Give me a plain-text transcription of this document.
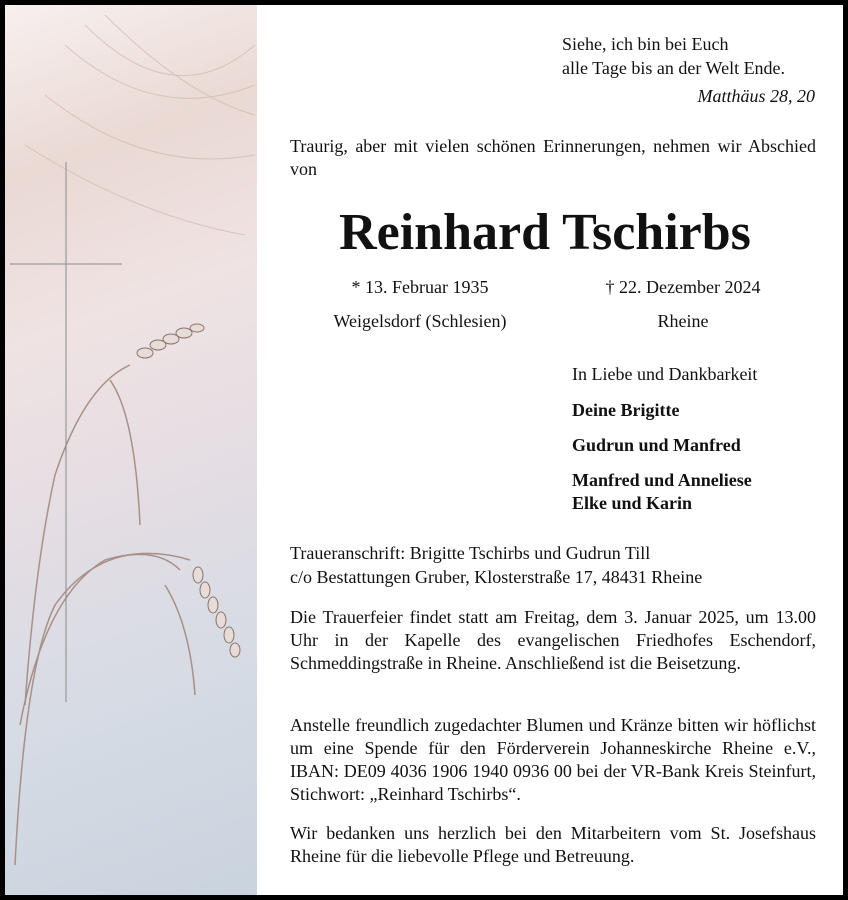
Siehe, ich bin bei Euch
alle Tage bis an der Welt Ende.
Matthäus 28, 20
Traurig, aber mit vielen schönen Erinnerungen, nehmen wir Abschied von
Reinhard Tschirbs
* 13. Februar 1935	† 22. Dezember 2024
Weigelsdorf (Schlesien)	Rheine
In Liebe und Dankbarkeit
Deine Brigitte
Gudrun und Manfred
Manfred und Anneliese
Elke und Karin
Traueranschrift: Brigitte Tschirbs und Gudrun Till
c/o Bestattungen Gruber, Klosterstraße 17, 48431 Rheine
Die Trauerfeier findet statt am Freitag, dem 3. Januar 2025, um 13.00 Uhr in der Kapelle des evangelischen Friedhofes Eschendorf, Schmeddingstraße in Rheine. Anschließend ist die Beisetzung.
Anstelle freundlich zugedachter Blumen und Kränze bitten wir höflichst um eine Spende für den Förderverein Johanneskirche Rheine e.V., IBAN: DE09 4036 1906 1940 0936 00 bei der VR-Bank Kreis Steinfurt, Stichwort: „Reinhard Tschirbs“.
Wir bedanken uns herzlich bei den Mitarbeitern vom St. Josefshaus Rheine für die liebevolle Pflege und Betreuung.
